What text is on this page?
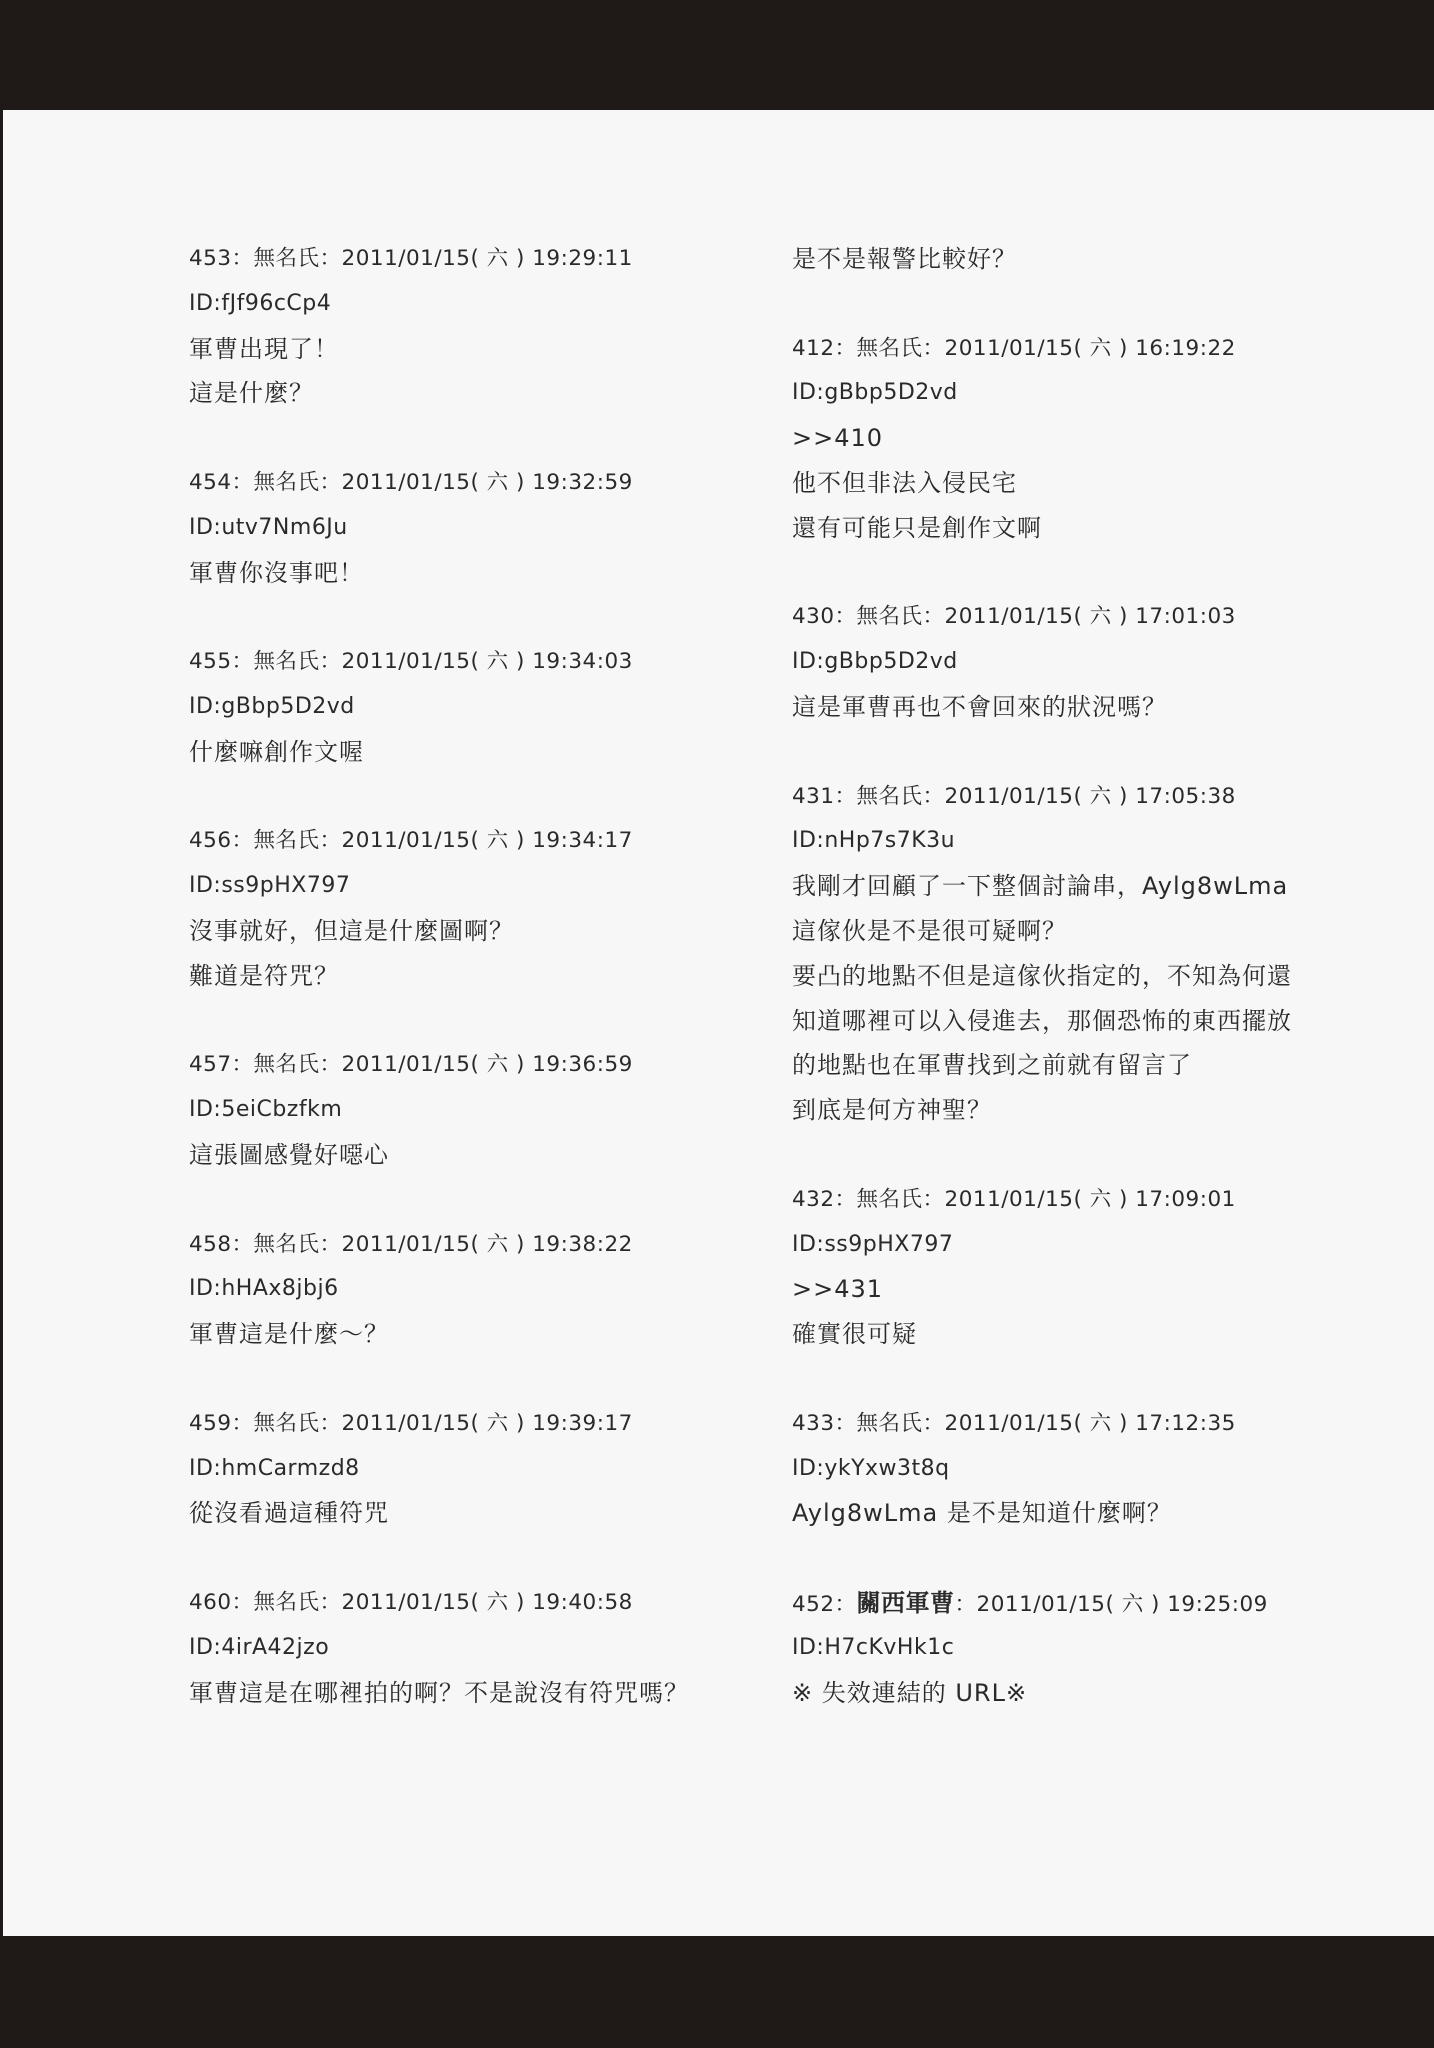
453：無名氏：2011/01/15( 六 ) 19:29:11
ID:fJf96cCp4
軍曹出現了！
這是什麼？
454：無名氏：2011/01/15( 六 ) 19:32:59
ID:utv7Nm6Ju
軍曹你沒事吧！
455：無名氏：2011/01/15( 六 ) 19:34:03
ID:gBbp5D2vd
什麼嘛創作文喔
456：無名氏：2011/01/15( 六 ) 19:34:17
ID:ss9pHX797
沒事就好，但這是什麼圖啊？
難道是符咒？
457：無名氏：2011/01/15( 六 ) 19:36:59
ID:5eiCbzfkm
這張圖感覺好噁心
458：無名氏：2011/01/15( 六 ) 19:38:22
ID:hHAx8jbj6
軍曹這是什麼～？
459：無名氏：2011/01/15( 六 ) 19:39:17
ID:hmCarmzd8
從沒看過這種符咒
460：無名氏：2011/01/15( 六 ) 19:40:58
ID:4irA42jzo
軍曹這是在哪裡拍的啊？不是說沒有符咒嗎？
是不是報警比較好？
412：無名氏：2011/01/15( 六 ) 16:19:22
ID:gBbp5D2vd
>>410
他不但非法入侵民宅
還有可能只是創作文啊
430：無名氏：2011/01/15( 六 ) 17:01:03
ID:gBbp5D2vd
這是軍曹再也不會回來的狀況嗎？
431：無名氏：2011/01/15( 六 ) 17:05:38
ID:nHp7s7K3u
我剛才回顧了一下整個討論串，Aylg8wLma
這傢伙是不是很可疑啊？
要凸的地點不但是這傢伙指定的，不知為何還
知道哪裡可以入侵進去，那個恐怖的東西擺放
的地點也在軍曹找到之前就有留言了
到底是何方神聖？
432：無名氏：2011/01/15( 六 ) 17:09:01
ID:ss9pHX797
>>431
確實很可疑
433：無名氏：2011/01/15( 六 ) 17:12:35
ID:ykYxw3t8q
Aylg8wLma 是不是知道什麼啊？
452：關西軍曹：2011/01/15( 六 ) 19:25:09
ID:H7cKvHk1c
※ 失效連結的 URL※
